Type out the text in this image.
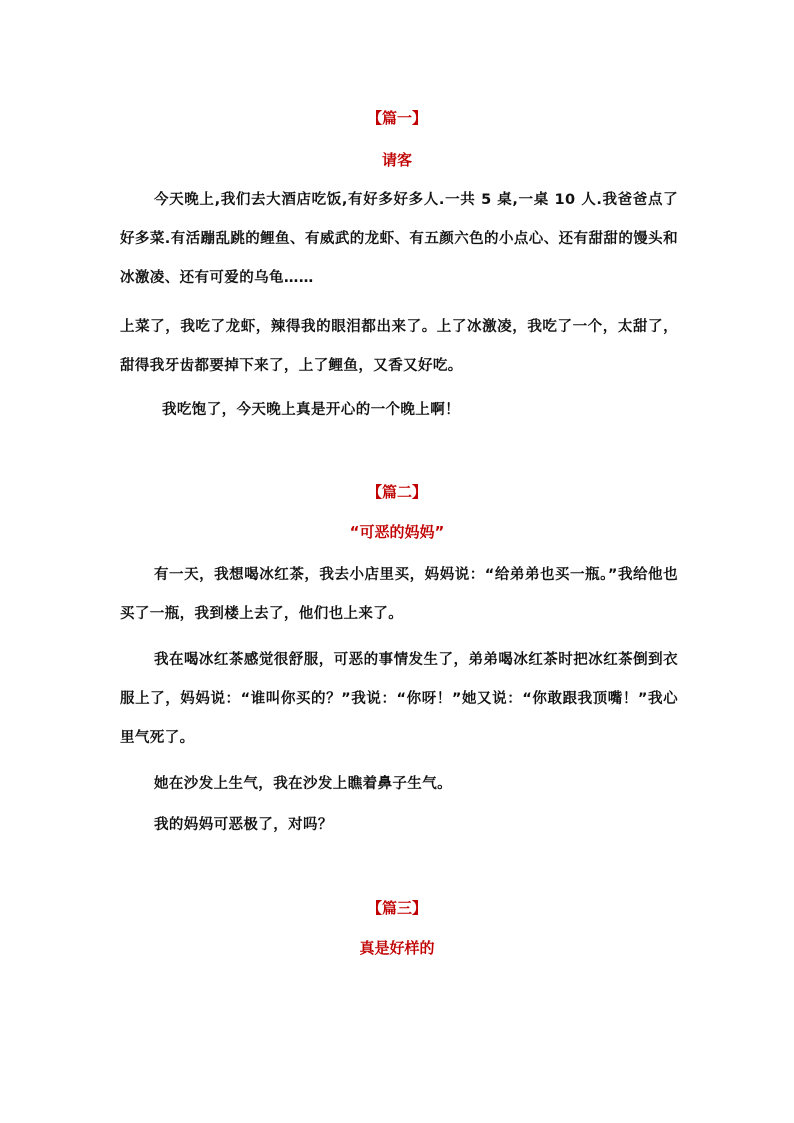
【篇一】
请客
今天晚上,我们去大酒店吃饭,有好多好多人.一共 5 桌,一桌 10 人.我爸爸点了好多菜.有活蹦乱跳的鲤鱼、有威武的龙虾、有五颜六色的小点心、还有甜甜的馒头和冰激凌、还有可爱的乌龟……
上菜了，我吃了龙虾，辣得我的眼泪都出来了。上了冰激凌，我吃了一个，太甜了，甜得我牙齿都要掉下来了，上了鲤鱼，又香又好吃。
我吃饱了，今天晚上真是开心的一个晚上啊！
【篇二】
“可恶的妈妈”
有一天，我想喝冰红茶，我去小店里买，妈妈说：“给弟弟也买一瓶。”我给他也买了一瓶，我到楼上去了，他们也上来了。
我在喝冰红茶感觉很舒服，可恶的事情发生了，弟弟喝冰红茶时把冰红茶倒到衣服上了，妈妈说：“谁叫你买的？”我说：“你呀！”她又说：“你敢跟我顶嘴！”我心里气死了。
她在沙发上生气，我在沙发上瞧着鼻子生气。
我的妈妈可恶极了，对吗？
【篇三】
真是好样的
